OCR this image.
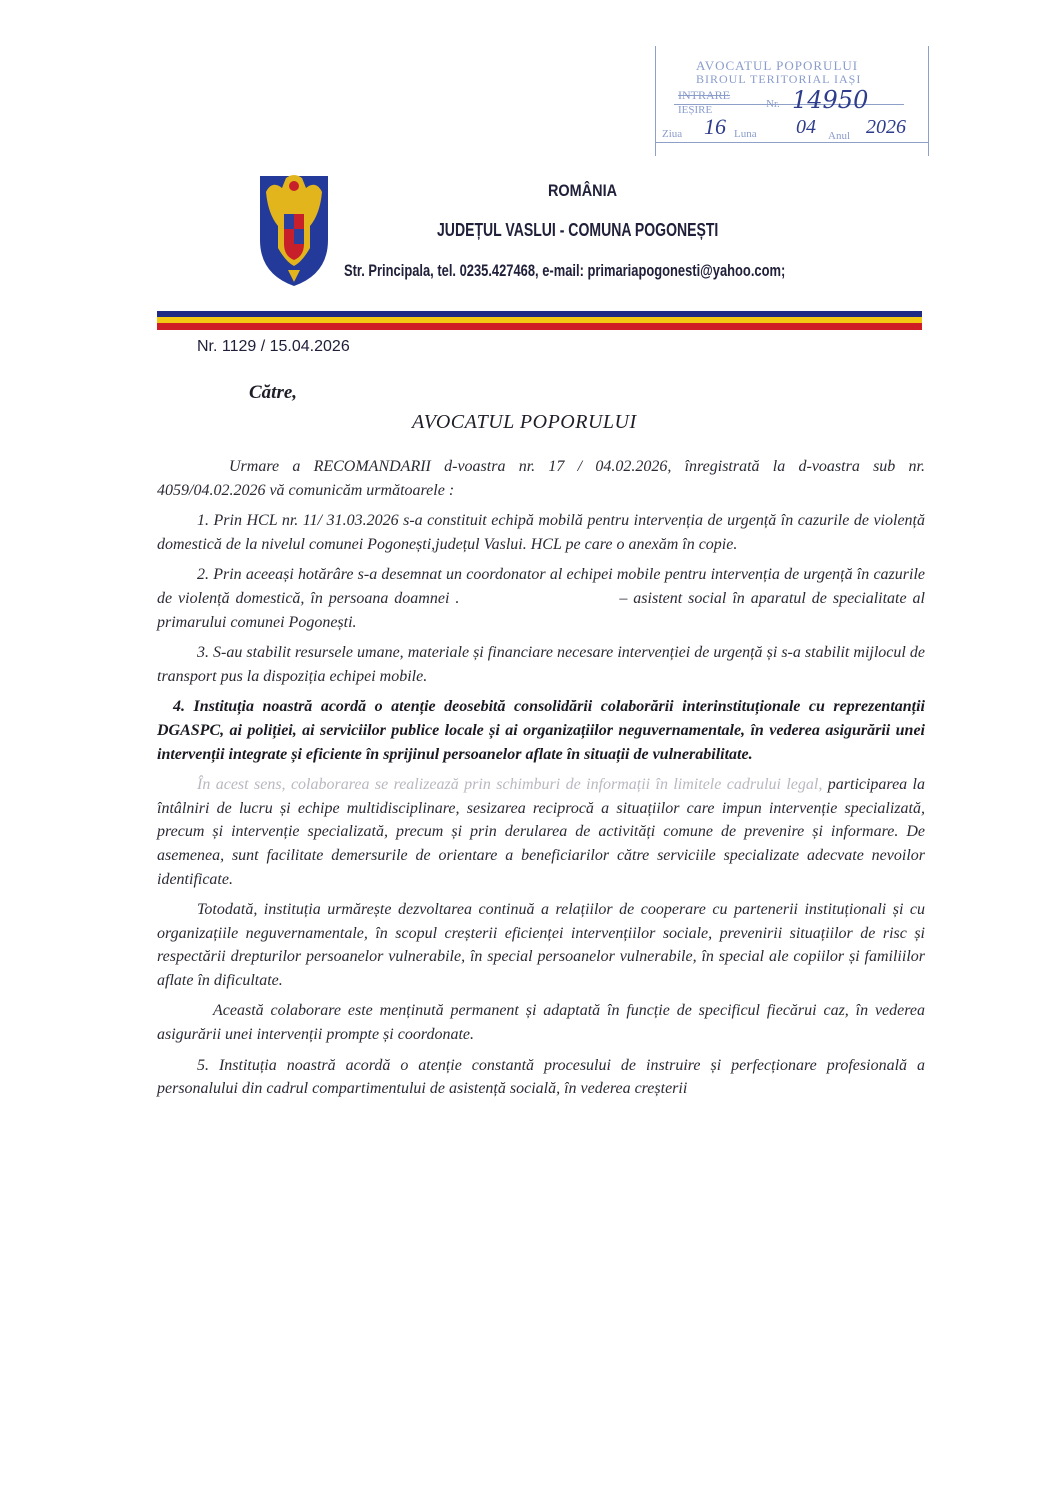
AVOCATUL POPORULUI
BIROUL TERITORIAL IAȘI
INTRARE
IEȘIRE	Nr. 14950
Ziua 16 Luna 04 Anul 2026
ROMÂNIA
JUDEȚUL VASLUI - COMUNA POGONEȘTI
Str. Principala, tel. 0235.427468, e-mail: primariapogonesti@yahoo.com;
Nr. 1129 / 15.04.2026
Către,
AVOCATUL POPORULUI

Urmare a RECOMANDARII d-voastra nr. 17 / 04.02.2026, înregistrată la d-voastra sub nr. 4059/04.02.2026 vă comunicăm următoarele :

1. Prin HCL nr. 11/ 31.03.2026 s-a constituit echipă mobilă pentru intervenția de urgență în cazurile de violență domestică de la nivelul comunei Pogonești,județul Vaslui. HCL pe care o anexăm în copie.

2. Prin aceeași hotărâre s-a desemnat un coordonator al echipei mobile pentru intervenția de urgență în cazurile de violență domestică, în persoana doamnei .	– asistent social în aparatul de specialitate al primarului comunei Pogonești.

3. S-au stabilit resursele umane, materiale și financiare necesare intervenției de urgență și s-a stabilit mijlocul de transport pus la dispoziția echipei mobile.

4. Instituția noastră acordă o atenție deosebită consolidării colaborării interinstituționale cu reprezentanții DGASPC, ai poliției, ai serviciilor publice locale și ai organizațiilor neguvernamentale, în vederea asigurării unei intervenții integrate și eficiente în sprijinul persoanelor aflate în situații de vulnerabilitate.

În acest sens, colaborarea se realizează prin schimburi de informații în limitele cadrului legal, participarea la întâlniri de lucru și echipe multidisciplinare, sesizarea reciprocă a situațiilor care impun intervenție specializată, precum și intervenție specializată, precum și prin derularea de activități comune de prevenire și informare. De asemenea, sunt facilitate demersurile de orientare a beneficiarilor către serviciile specializate adecvate nevoilor identificate.

Totodată, instituția urmărește dezvoltarea continuă a relațiilor de cooperare cu partenerii instituționali și cu organizațiile neguvernamentale, în scopul creșterii eficienței intervențiilor sociale, prevenirii situațiilor de risc și respectării drepturilor persoanelor vulnerabile, în special persoanelor vulnerabile, în special ale copiilor și familiilor aflate în dificultate.

Această colaborare este menținută permanent și adaptată în funcție de specificul fiecărui caz, în vederea asigurării unei intervenții prompte și coordonate.

5. Instituția noastră acordă o atenție constantă procesului de instruire și perfecționare profesională a personalului din cadrul compartimentului de asistență socială, în vederea creșterii
